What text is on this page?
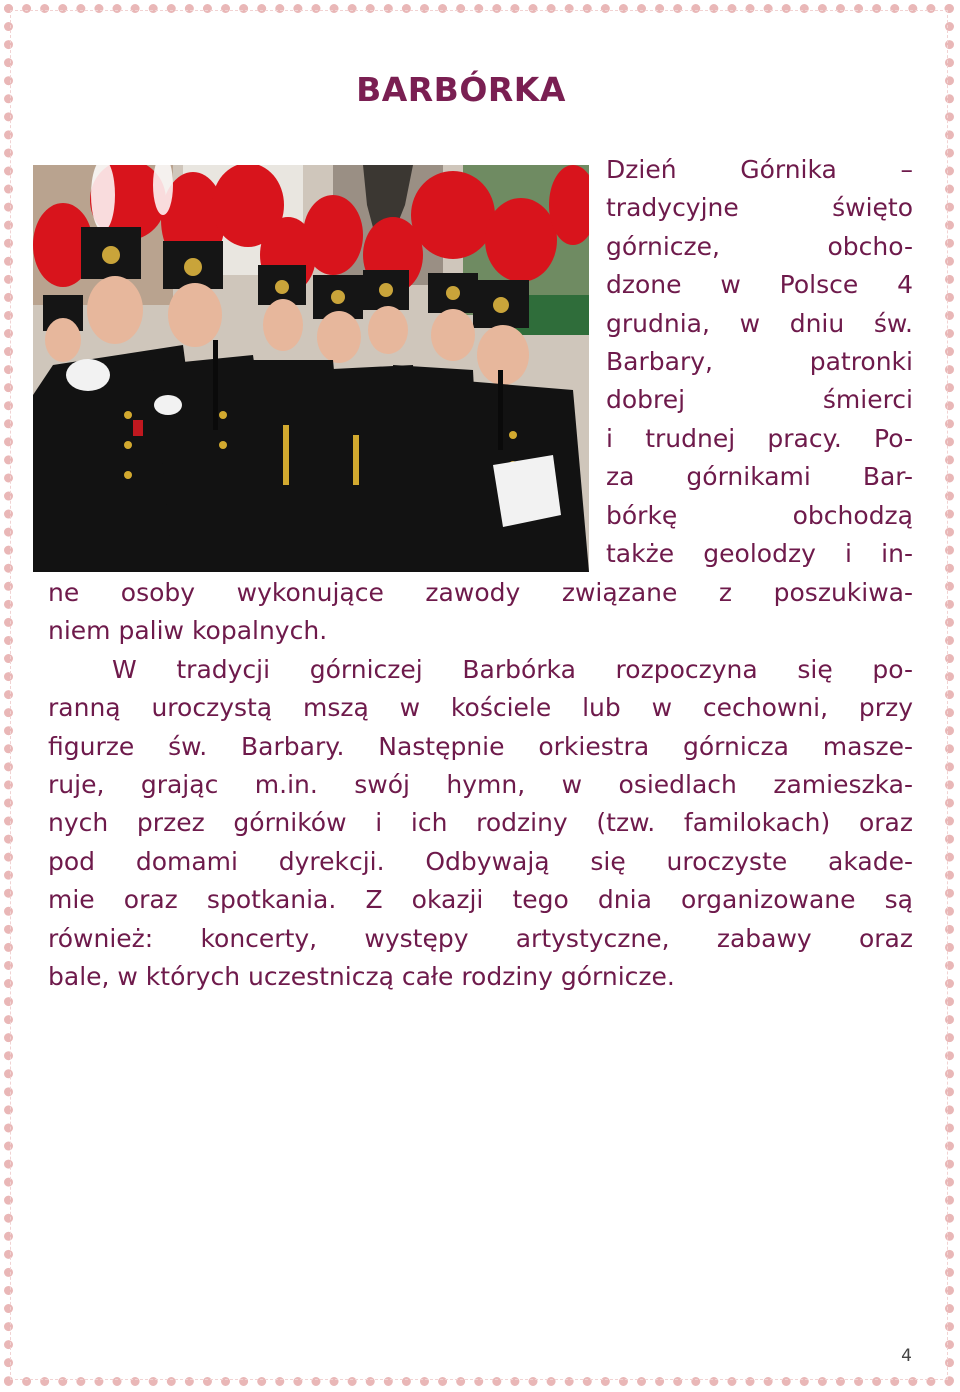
BARBÓRKA
Dzień Górnika –
tradycyjne święto
górnicze, obcho-
dzone w Polsce 4
grudnia, w dniu św.
Barbary, patronki
dobrej śmierci
i trudnej pracy. Po-
za górnikami Bar-
bórkę obchodzą
także geolodzy i in-
ne osoby wykonujące zawody związane z poszukiwa-
niem paliw kopalnych.
W tradycji górniczej Barbórka rozpoczyna się po-
ranną uroczystą mszą w kościele lub w cechowni, przy
figurze św. Barbary. Następnie orkiestra górnicza masze-
ruje, grając m.in. swój hymn, w osiedlach zamieszka-
nych przez górników i ich rodziny (tzw. familokach) oraz
pod domami dyrekcji. Odbywają się uroczyste akade-
mie oraz spotkania. Z okazji tego dnia organizowane są
również: koncerty, występy artystyczne, zabawy oraz
bale, w których uczestniczą całe rodziny górnicze.
4
